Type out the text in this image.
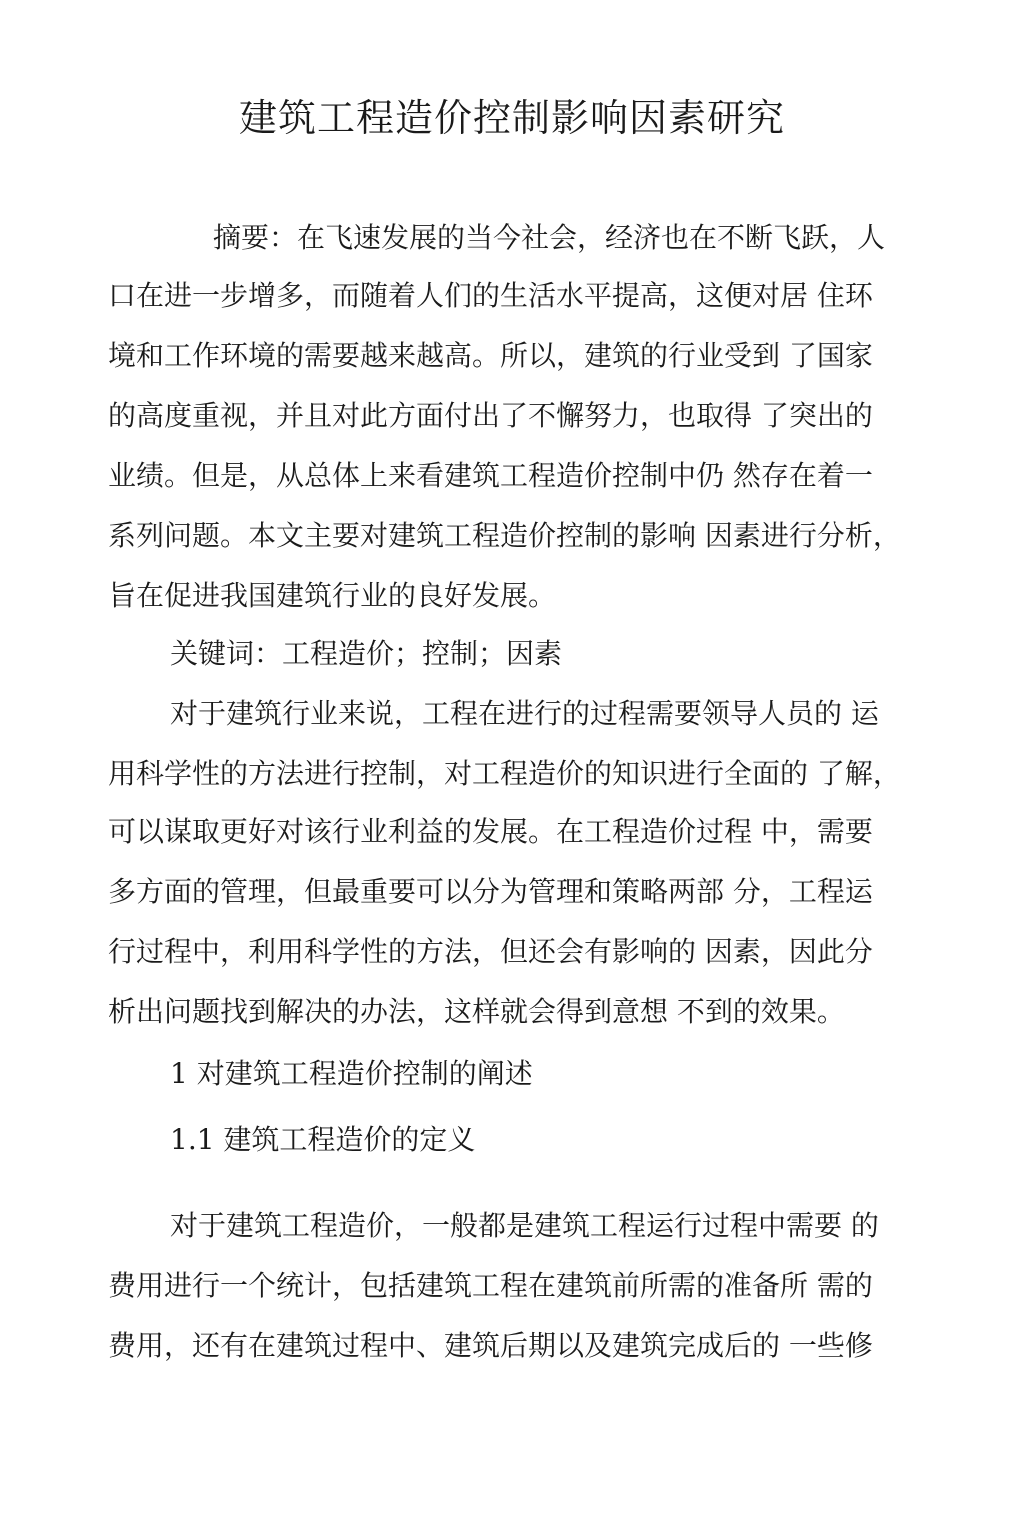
建筑工程造价控制影响因素研究
摘要：在飞速发展的当今社会，经济也在不断飞跃，人
口在进一步增多，而随着人们的生活水平提高，这便对居 住环
境和工作环境的需要越来越高。所以，建筑的行业受到 了国家
的高度重视，并且对此方面付出了不懈努力，也取得 了突出的
业绩。但是，从总体上来看建筑工程造价控制中仍 然存在着一
系列问题。本文主要对建筑工程造价控制的影响 因素进行分析，
旨在促进我国建筑行业的良好发展。
关键词：工程造价；控制；因素
对于建筑行业来说，工程在进行的过程需要领导人员的 运
用科学性的方法进行控制，对工程造价的知识进行全面的 了解，
可以谋取更好对该行业利益的发展。在工程造价过程 中，需要
多方面的管理，但最重要可以分为管理和策略两部 分，工程运
行过程中，利用科学性的方法，但还会有影响的 因素，因此分
析出问题找到解决的办法，这样就会得到意想 不到的效果。
1 对建筑工程造价控制的阐述
1.1 建筑工程造价的定义
对于建筑工程造价，一般都是建筑工程运行过程中需要 的
费用进行一个统计，包括建筑工程在建筑前所需的准备所 需的
费用，还有在建筑过程中、建筑后期以及建筑完成后的 一些修
